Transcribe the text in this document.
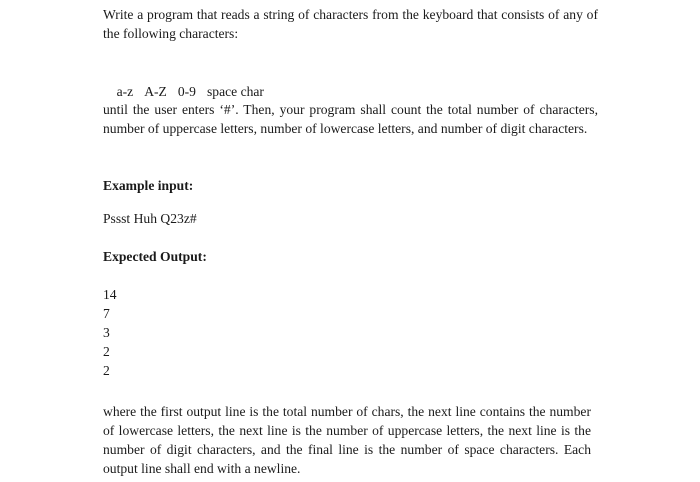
Write a program that reads a string of characters from the keyboard that consists of any of the following characters:

a-z A-Z 0-9 space char

until the user enters ‘#’. Then, your program shall count the total number of characters, number of uppercase letters, number of lowercase letters, and number of digit characters.

Example input:
Pssst Huh Q23z#
Expected Output:
14
7
3
2
2

where the first output line is the total number of chars, the next line contains the number of lowercase letters, the next line is the number of uppercase letters, the next line is the number of digit characters, and the final line is the number of space characters. Each output line shall end with a newline.
